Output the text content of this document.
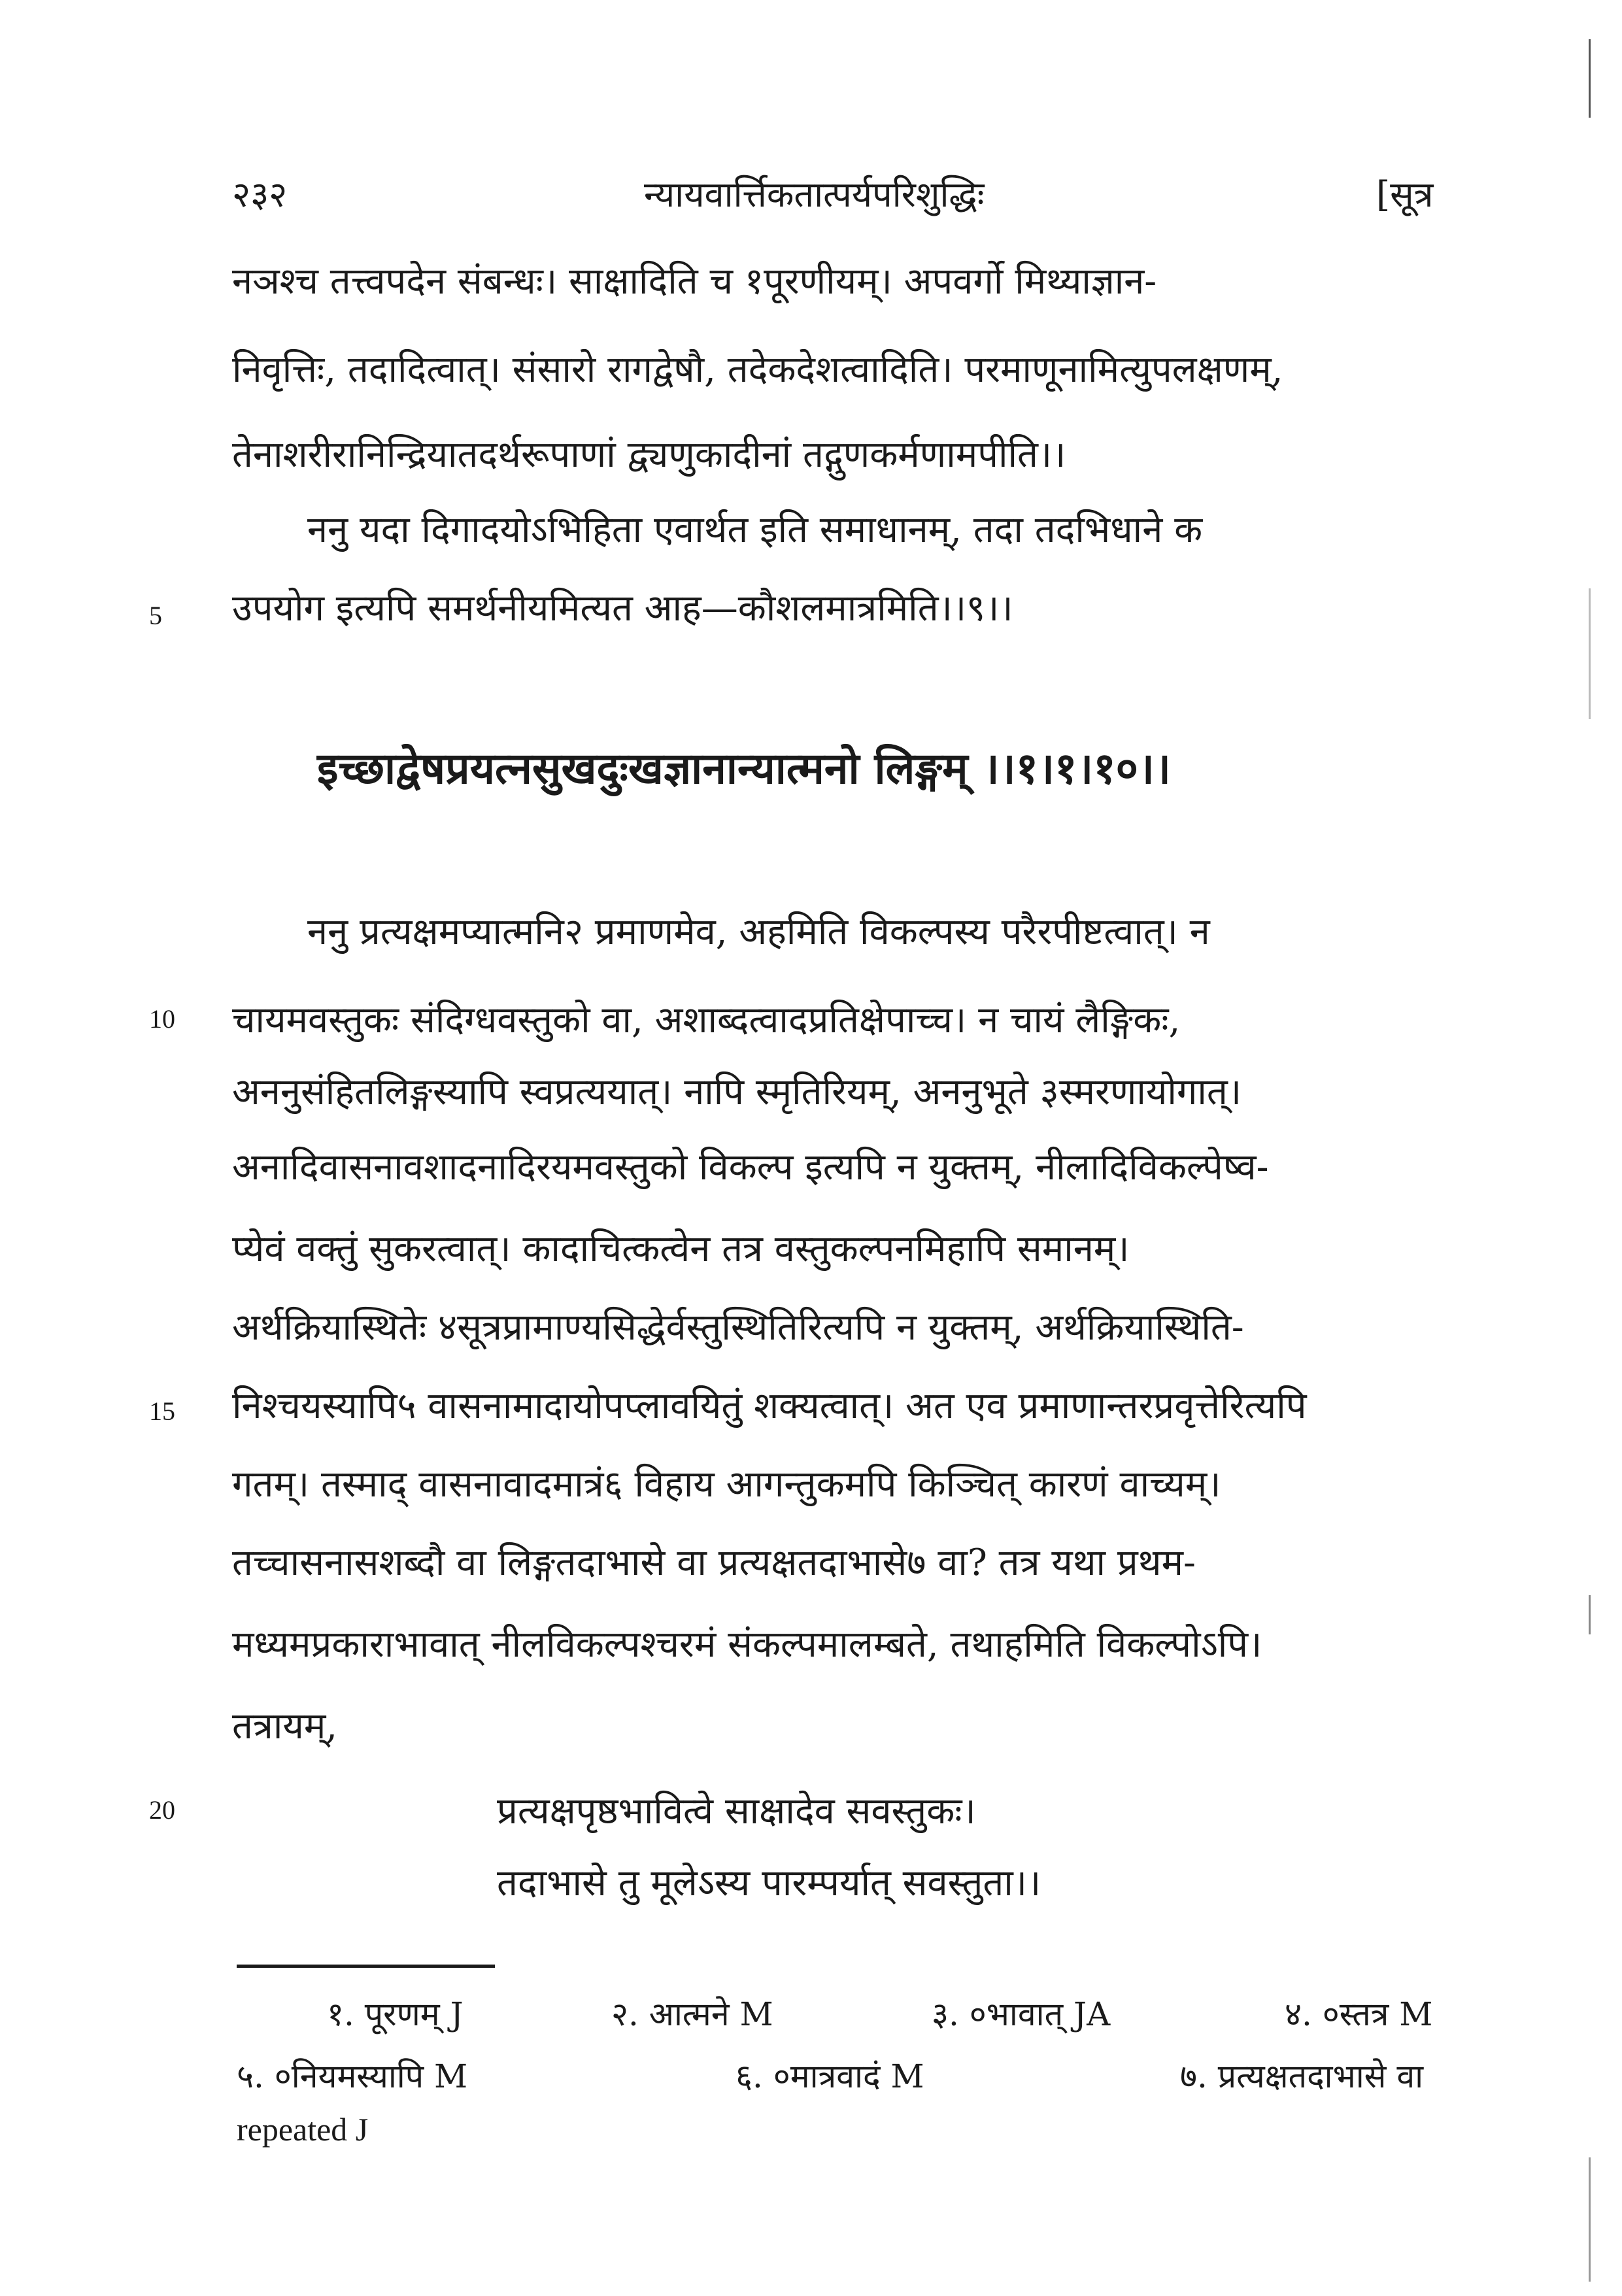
२३२	न्यायवार्त्तिकतात्पर्यपरिशुद्धिः	[सूत्र
नञश्च तत्त्वपदेन संबन्धः। साक्षादिति च १पूरणीयम्। अपवर्गो मिथ्याज्ञान-
निवृत्तिः, तदादित्वात्। संसारो रागद्वेषौ, तदेकदेशत्वादिति। परमाणूनामित्युपलक्षणम्,
तेनाशरीरानिन्द्रियातदर्थरूपाणां द्व्यणुकादीनां तद्गुणकर्मणामपीति।।
ननु यदा दिगादयोऽभिहिता एवार्थत इति समाधानम्, तदा तदभिधाने क
उपयोग इत्यपि समर्थनीयमित्यत आह—कौशलमात्रमिति।।९।।
इच्छाद्वेषप्रयत्नसुखदुःखज्ञानान्यात्मनो लिङ्गम् ।।१।१।१०।।
ननु प्रत्यक्षमप्यात्मनि२ प्रमाणमेव, अहमिति विकल्पस्य परैरपीष्टत्वात्। न
चायमवस्तुकः संदिग्धवस्तुको वा, अशाब्दत्वादप्रतिक्षेपाच्च। न चायं लैङ्गिकः,
अननुसंहितलिङ्गस्यापि स्वप्रत्ययात्। नापि स्मृतिरियम्, अननुभूते ३स्मरणायोगात्।
अनादिवासनावशादनादिरयमवस्तुको विकल्प इत्यपि न युक्तम्, नीलादिविकल्पेष्व-
प्येवं वक्तुं सुकरत्वात्। कादाचित्कत्वेन तत्र वस्तुकल्पनमिहापि समानम्।
अर्थक्रियास्थितेः ४सूत्रप्रामाण्यसिद्धेर्वस्तुस्थितिरित्यपि न युक्तम्, अर्थक्रियास्थिति-
निश्चयस्यापि५ वासनामादायोपप्लावयितुं शक्यत्वात्। अत एव प्रमाणान्तरप्रवृत्तेरित्यपि
गतम्। तस्माद् वासनावादमात्रं६ विहाय आगन्तुकमपि किञ्चित् कारणं वाच्यम्।
तच्चासनासशब्दौ वा लिङ्गतदाभासे वा प्रत्यक्षतदाभासे७ वा? तत्र यथा प्रथम-
मध्यमप्रकाराभावात् नीलविकल्पश्चरमं संकल्पमालम्बते, तथाहमिति विकल्पोऽपि।
तत्रायम्,
प्रत्यक्षपृष्ठभावित्वे साक्षादेव सवस्तुकः।
तदाभासे तु मूलेऽस्य पारम्पर्यात् सवस्तुता।।
5
10
15
20
१. पूरणम् J	२. आत्मने M	३. ०भावात् JA	४. ०स्तत्र M
५. ०नियमस्यापि M	६. ०मात्रवादं M	७. प्रत्यक्षतदाभासे वा
repeated J
